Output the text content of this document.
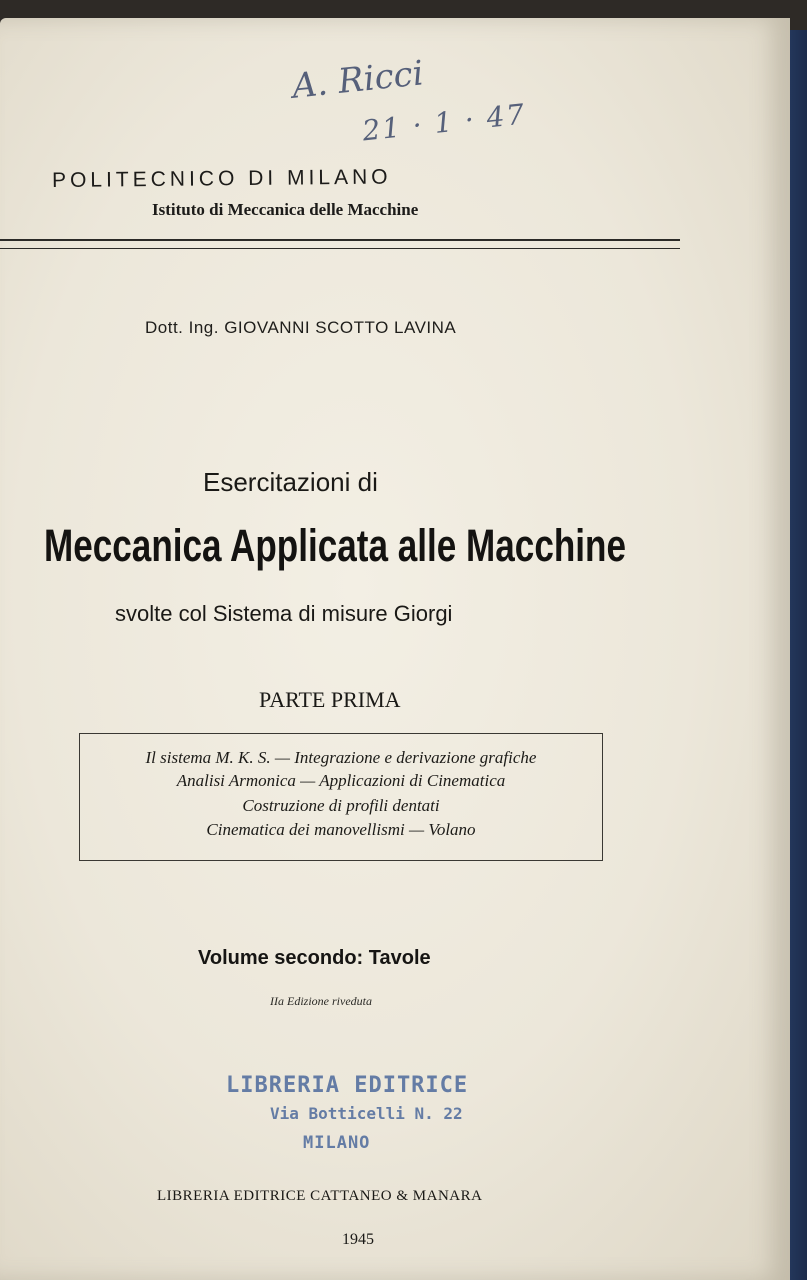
A. Ricci
21 · 1 · 47
POLITECNICO DI MILANO
Istituto di Meccanica delle Macchine
Dott. Ing. GIOVANNI SCOTTO LAVINA
Esercitazioni di
Meccanica Applicata alle Macchine
svolte col Sistema di misure Giorgi
PARTE PRIMA
Il sistema M. K. S. — Integrazione e derivazione grafiche
Analisi Armonica — Applicazioni di Cinematica
Costruzione di profili dentati
Cinematica dei manovellismi — Volano
Volume secondo: Tavole
IIa Edizione riveduta
LIBRERIA EDITRICE
Via Botticelli N. 22
MILANO
LIBRERIA EDITRICE CATTANEO & MANARA
1945
